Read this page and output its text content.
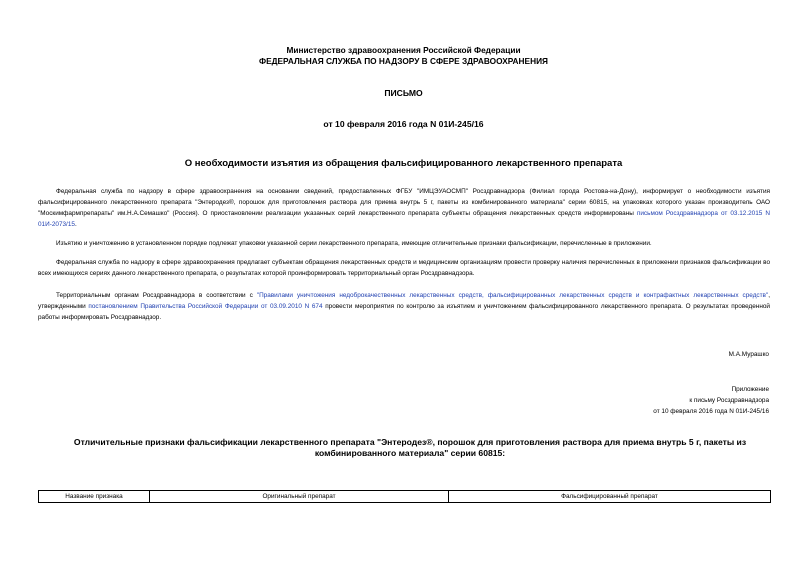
Министерство здравоохранения Российской Федерации
ФЕДЕРАЛЬНАЯ СЛУЖБА ПО НАДЗОРУ В СФЕРЕ ЗДРАВООХРАНЕНИЯ
ПИСЬМО
от 10 февраля 2016 года N 01И-245/16
О необходимости изъятия из обращения фальсифицированного лекарственного препарата
Федеральная служба по надзору в сфере здравоохранения на основании сведений, предоставленных ФГБУ "ИМЦЭУАОСМП" Росздравнадзора (Филиал города Ростова-на-Дону), информирует о необходимости изъятия фальсифицированного лекарственного препарата "Энтеродез®, порошок для приготовления раствора для приема внутрь 5 г, пакеты из комбинированного материала" серии 60815, на упаковках которого указан производитель ОАО "Москимфармпрепараты" им.Н.А.Семашко" (Россия). О приостановлении реализации указанных серий лекарственного препарата субъекты обращения лекарственных средств информированы письмом Росздравнадзора от 03.12.2015 N 01И-2073/15.
Изъятию и уничтожению в установленном порядке подлежат упаковки указанной серии лекарственного препарата, имеющие отличительные признаки фальсификации, перечисленные в приложении.
Федеральная служба по надзору в сфере здравоохранения предлагает субъектам обращения лекарственных средств и медицинским организациям провести проверку наличия перечисленных в приложении признаков фальсификации во всех имеющихся сериях данного лекарственного препарата, о результатах которой проинформировать территориальный орган Росздравнадзора.
Территориальным органам Росздравнадзора в соответствии с "Правилами уничтожения недоброкачественных лекарственных средств, фальсифицированных лекарственных средств и контрафактных лекарственных средств", утвержденными постановлением Правительства Российской Федерации от 03.09.2010 N 674 провести мероприятия по контролю за изъятием и уничтожением фальсифицированного лекарственного препарата. О результатах проведенной работы информировать Росздравнадзор.
М.А.Мурашко
Приложение
к письму Росздравнадзора
от 10 февраля 2016 года N 01И-245/16
Отличительные признаки фальсификации лекарственного препарата "Энтеродез®, порошок для приготовления раствора для приема внутрь 5 г, пакеты из комбинированного материала" серии 60815:
Название признака	Оригинальный препарат	Фальсифицированный препарат
